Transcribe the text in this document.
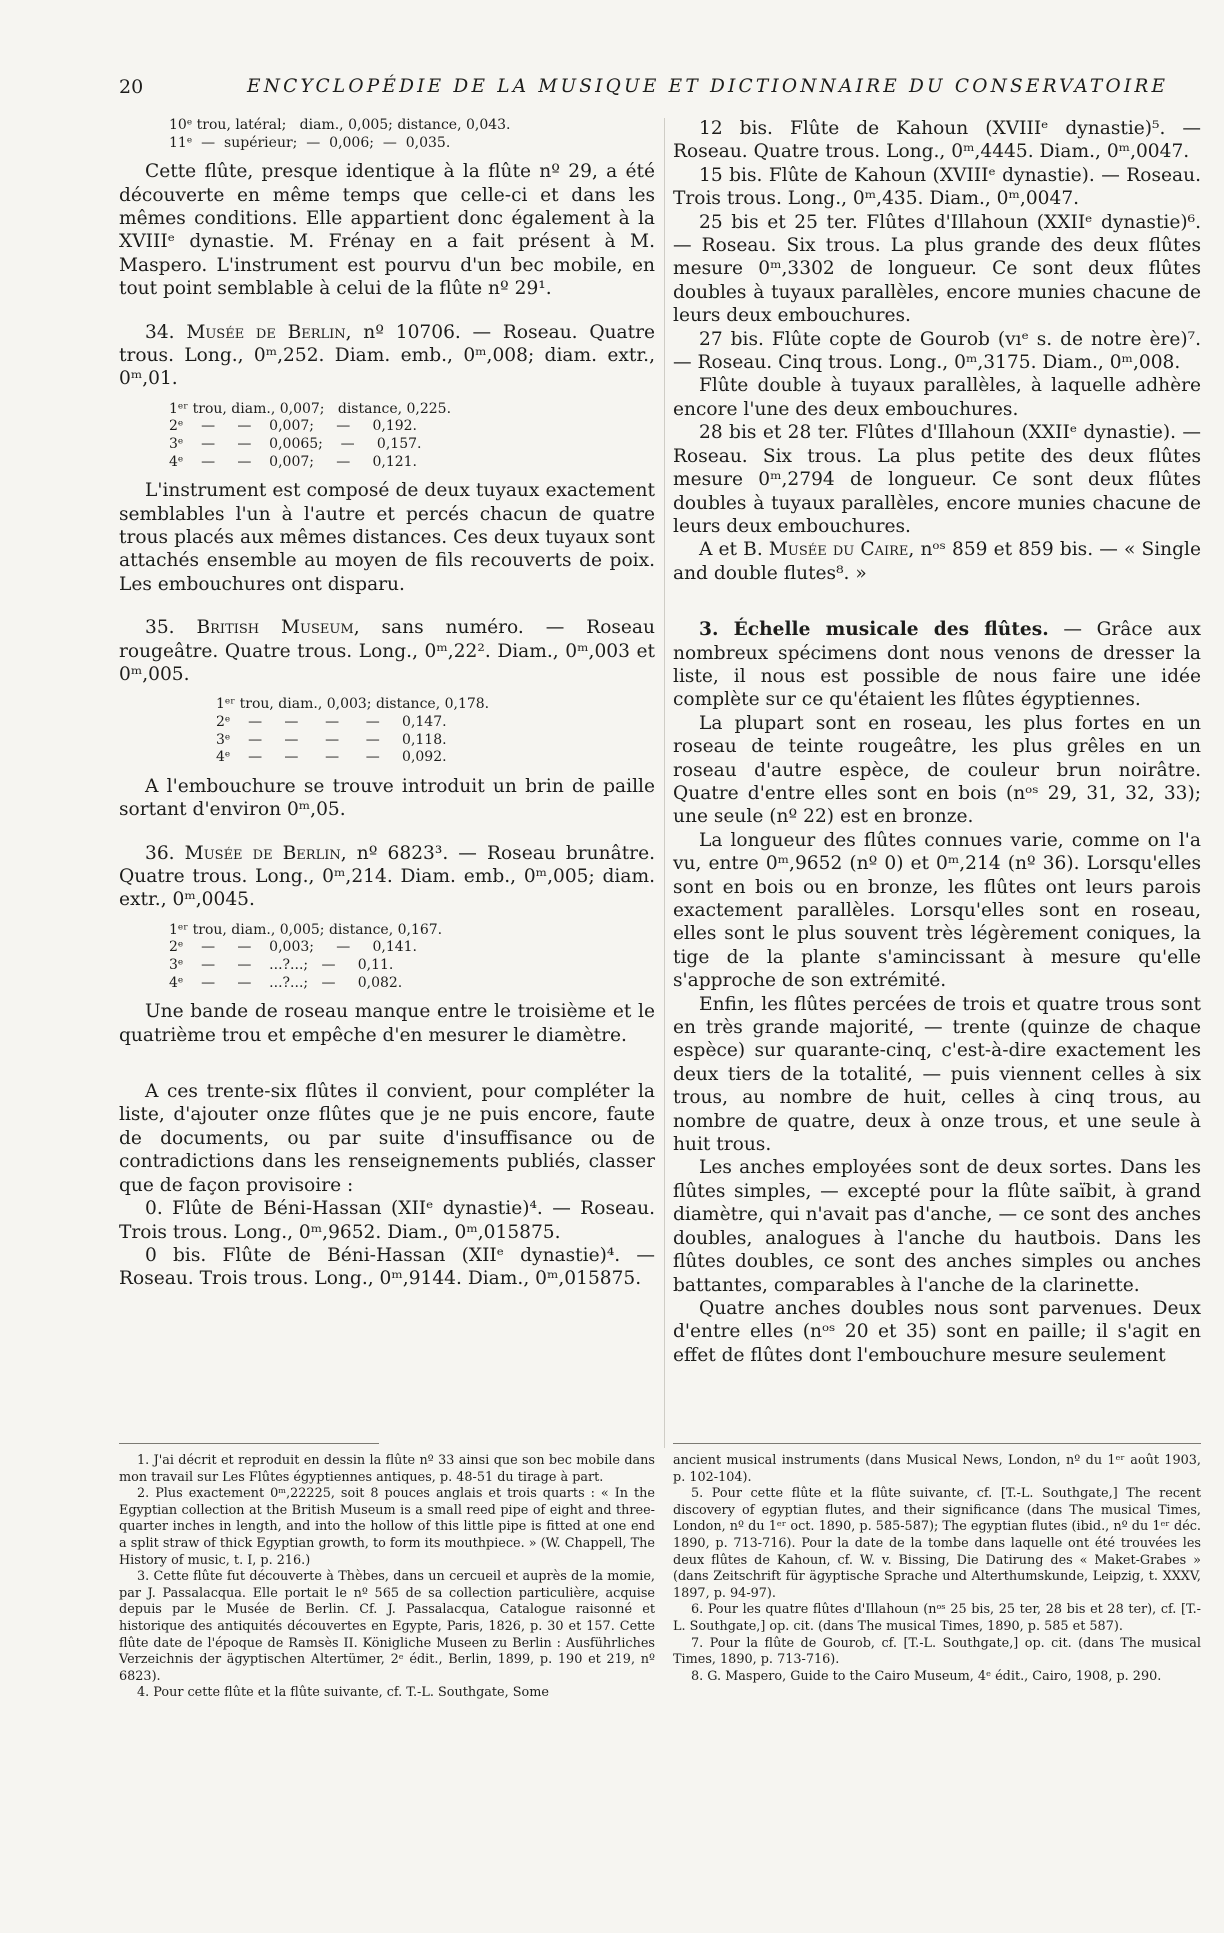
20	ENCYCLOPÉDIE DE LA MUSIQUE ET DICTIONNAIRE DU CONSERVATOIRE
10ᵉ trou, latéral;   diam., 0,005; distance, 0,043.
11ᵉ  —  supérieur;  —  0,006;  —  0,035.

Cette flûte, presque identique à la flûte nº 29, a été découverte en même temps que celle-ci et dans les mêmes conditions. Elle appartient donc également à la XVIIIᵉ dynastie. M. Frénay en a fait présent à M. Maspero. L'instrument est pourvu d'un bec mobile, en tout point semblable à celui de la flûte nº 29¹.

34. Musée de Berlin, nº 10706. — Roseau. Quatre trous. Long., 0ᵐ,252. Diam. emb., 0ᵐ,008; diam. extr., 0ᵐ,01.

1ᵉʳ trou, diam., 0,007;   distance, 0,225.
2ᵉ    —     —    0,007;     —     0,192.
3ᵉ    —     —    0,0065;    —     0,157.
4ᵉ    —     —    0,007;     —     0,121.

L'instrument est composé de deux tuyaux exactement semblables l'un à l'autre et percés chacun de quatre trous placés aux mêmes distances. Ces deux tuyaux sont attachés ensemble au moyen de fils recouverts de poix. Les embouchures ont disparu.

35. British Museum, sans numéro. — Roseau rougeâtre. Quatre trous. Long., 0ᵐ,22². Diam., 0ᵐ,003 et 0ᵐ,005.

1ᵉʳ trou, diam., 0,003; distance, 0,178.
2ᵉ    —     —      —      —     0,147.
3ᵉ    —     —      —      —     0,118.
4ᵉ    —     —      —      —     0,092.

A l'embouchure se trouve introduit un brin de paille sortant d'environ 0ᵐ,05.

36. Musée de Berlin, nº 6823³. — Roseau brunâtre. Quatre trous. Long., 0ᵐ,214. Diam. emb., 0ᵐ,005; diam. extr., 0ᵐ,0045.

1ᵉʳ trou, diam., 0,005; distance, 0,167.
2ᵉ    —     —    0,003;     —     0,141.
3ᵉ    —     —    ...?...;   —     0,11.
4ᵉ    —     —    ...?...;   —     0,082.

Une bande de roseau manque entre le troisième et le quatrième trou et empêche d'en mesurer le diamètre.

A ces trente-six flûtes il convient, pour compléter la liste, d'ajouter onze flûtes que je ne puis encore, faute de documents, ou par suite d'insuffisance ou de contradictions dans les renseignements publiés, classer que de façon provisoire :

0. Flûte de Béni-Hassan (XIIᵉ dynastie)⁴. — Roseau. Trois trous. Long., 0ᵐ,9652. Diam., 0ᵐ,015875.

0 bis. Flûte de Béni-Hassan (XIIᵉ dynastie)⁴. — Roseau. Trois trous. Long., 0ᵐ,9144. Diam., 0ᵐ,015875.

12 bis. Flûte de Kahoun (XVIIIᵉ dynastie)⁵. — Roseau. Quatre trous. Long., 0ᵐ,4445. Diam., 0ᵐ,0047.

15 bis. Flûte de Kahoun (XVIIIᵉ dynastie). — Roseau. Trois trous. Long., 0ᵐ,435. Diam., 0ᵐ,0047.

25 bis et 25 ter. Flûtes d'Illahoun (XXIIᵉ dynastie)⁶. — Roseau. Six trous. La plus grande des deux flûtes mesure 0ᵐ,3302 de longueur. Ce sont deux flûtes doubles à tuyaux parallèles, encore munies chacune de leurs deux embouchures.

27 bis. Flûte copte de Gourob (vıᵉ s. de notre ère)⁷. — Roseau. Cinq trous. Long., 0ᵐ,3175. Diam., 0ᵐ,008.

Flûte double à tuyaux parallèles, à laquelle adhère encore l'une des deux embouchures.

28 bis et 28 ter. Flûtes d'Illahoun (XXIIᵉ dynastie). — Roseau. Six trous. La plus petite des deux flûtes mesure 0ᵐ,2794 de longueur. Ce sont deux flûtes doubles à tuyaux parallèles, encore munies chacune de leurs deux embouchures.

A et B. Musée du Caire, nᵒˢ 859 et 859 bis. — « Single and double flutes⁸. »

3. Échelle musicale des flûtes. — Grâce aux nombreux spécimens dont nous venons de dresser la liste, il nous est possible de nous faire une idée complète sur ce qu'étaient les flûtes égyptiennes.

La plupart sont en roseau, les plus fortes en un roseau de teinte rougeâtre, les plus grêles en un roseau d'autre espèce, de couleur brun noirâtre. Quatre d'entre elles sont en bois (nᵒˢ 29, 31, 32, 33); une seule (nº 22) est en bronze.

La longueur des flûtes connues varie, comme on l'a vu, entre 0ᵐ,9652 (nº 0) et 0ᵐ,214 (nº 36). Lorsqu'elles sont en bois ou en bronze, les flûtes ont leurs parois exactement parallèles. Lorsqu'elles sont en roseau, elles sont le plus souvent très légèrement coniques, la tige de la plante s'amincissant à mesure qu'elle s'approche de son extrémité.

Enfin, les flûtes percées de trois et quatre trous sont en très grande majorité, — trente (quinze de chaque espèce) sur quarante-cinq, c'est-à-dire exactement les deux tiers de la totalité, — puis viennent celles à six trous, au nombre de huit, celles à cinq trous, au nombre de quatre, deux à onze trous, et une seule à huit trous.

Les anches employées sont de deux sortes. Dans les flûtes simples, — excepté pour la flûte saïbit, à grand diamètre, qui n'avait pas d'anche, — ce sont des anches doubles, analogues à l'anche du hautbois. Dans les flûtes doubles, ce sont des anches simples ou anches battantes, comparables à l'anche de la clarinette.

Quatre anches doubles nous sont parvenues. Deux d'entre elles (nᵒˢ 20 et 35) sont en paille; il s'agit en effet de flûtes dont l'embouchure mesure seulement

1. J'ai décrit et reproduit en dessin la flûte nº 33 ainsi que son bec mobile dans mon travail sur Les Flûtes égyptiennes antiques, p. 48-51 du tirage à part.

2. Plus exactement 0ᵐ,22225, soit 8 pouces anglais et trois quarts : « In the Egyptian collection at the British Museum is a small reed pipe of eight and three-quarter inches in length, and into the hollow of this little pipe is fitted at one end a split straw of thick Egyptian growth, to form its mouthpiece. » (W. Chappell, The History of music, t. I, p. 216.)

3. Cette flûte fut découverte à Thèbes, dans un cercueil et auprès de la momie, par J. Passalacqua. Elle portait le nº 565 de sa collection particulière, acquise depuis par le Musée de Berlin. Cf. J. Passalacqua, Catalogue raisonné et historique des antiquités découvertes en Egypte, Paris, 1826, p. 30 et 157. Cette flûte date de l'époque de Ramsès II. Königliche Museen zu Berlin : Ausführliches Verzeichnis der ägyptischen Altertümer, 2ᵉ édit., Berlin, 1899, p. 190 et 219, nº 6823).

4. Pour cette flûte et la flûte suivante, cf. T.-L. Southgate, Some

ancient musical instruments (dans Musical News, London, nº du 1ᵉʳ août 1903, p. 102-104).

5. Pour cette flûte et la flûte suivante, cf. [T.-L. Southgate,] The recent discovery of egyptian flutes, and their significance (dans The musical Times, London, nº du 1ᵉʳ oct. 1890, p. 585-587); The egyptian flutes (ibid., nº du 1ᵉʳ déc. 1890, p. 713-716). Pour la date de la tombe dans laquelle ont été trouvées les deux flûtes de Kahoun, cf. W. v. Bissing, Die Datirung des « Maket-Grabes » (dans Zeitschrift für ägyptische Sprache und Alterthumskunde, Leipzig, t. XXXV, 1897, p. 94-97).

6. Pour les quatre flûtes d'Illahoun (nᵒˢ 25 bis, 25 ter, 28 bis et 28 ter), cf. [T.-L. Southgate,] op. cit. (dans The musical Times, 1890, p. 585 et 587).

7. Pour la flûte de Gourob, cf. [T.-L. Southgate,] op. cit. (dans The musical Times, 1890, p. 713-716).

8. G. Maspero, Guide to the Cairo Museum, 4ᵉ édit., Cairo, 1908, p. 290.
